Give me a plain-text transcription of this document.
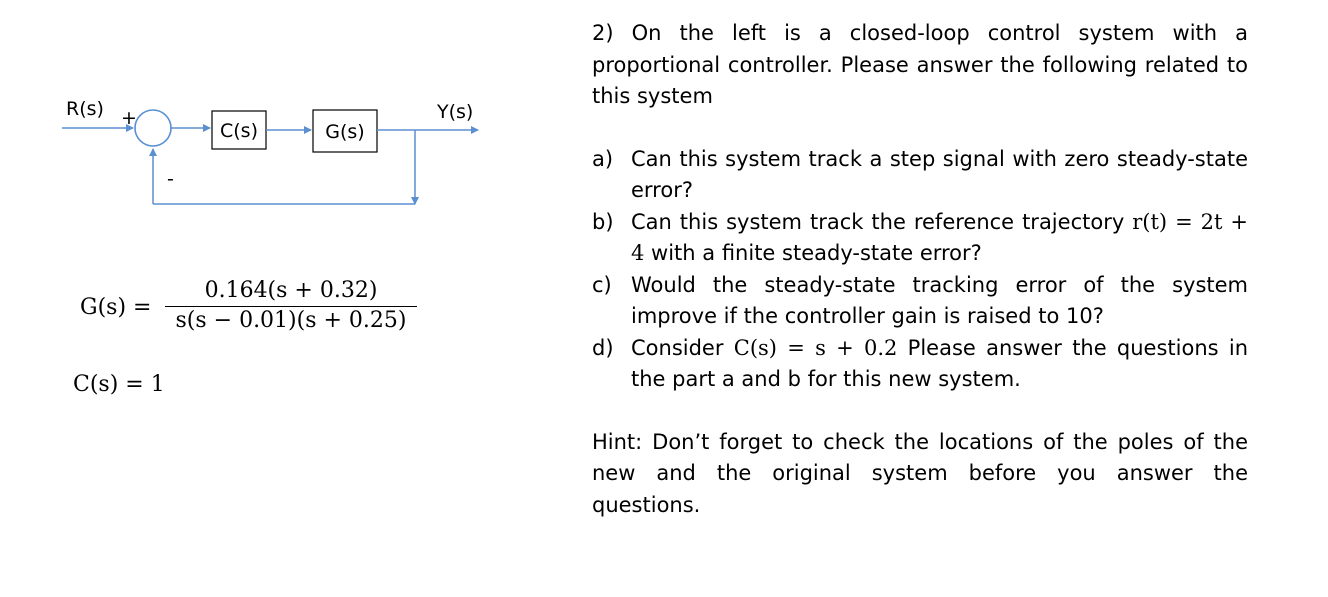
C(s)	G(s)
R(s) +
-
Y(s)
G(s) =
0.164(s + 0.32)
s(s − 0.01)(s + 0.25)
C(s) = 1

2) On the left is a closed-loop control system with a proportional controller. Please answer the following related to this system

a) Can this system track a step signal with zero steady-state error?

b) Can this system track the reference trajectory r(t) = 2t + 4 with a finite steady-state error?

c) Would the steady-state tracking error of the system improve if the controller gain is raised to 10?

d) Consider C(s) = s + 0.2 Please answer the questions in the part a and b for this new system.

Hint: Don’t forget to check the locations of the poles of the new and the original system before you answer the questions.
